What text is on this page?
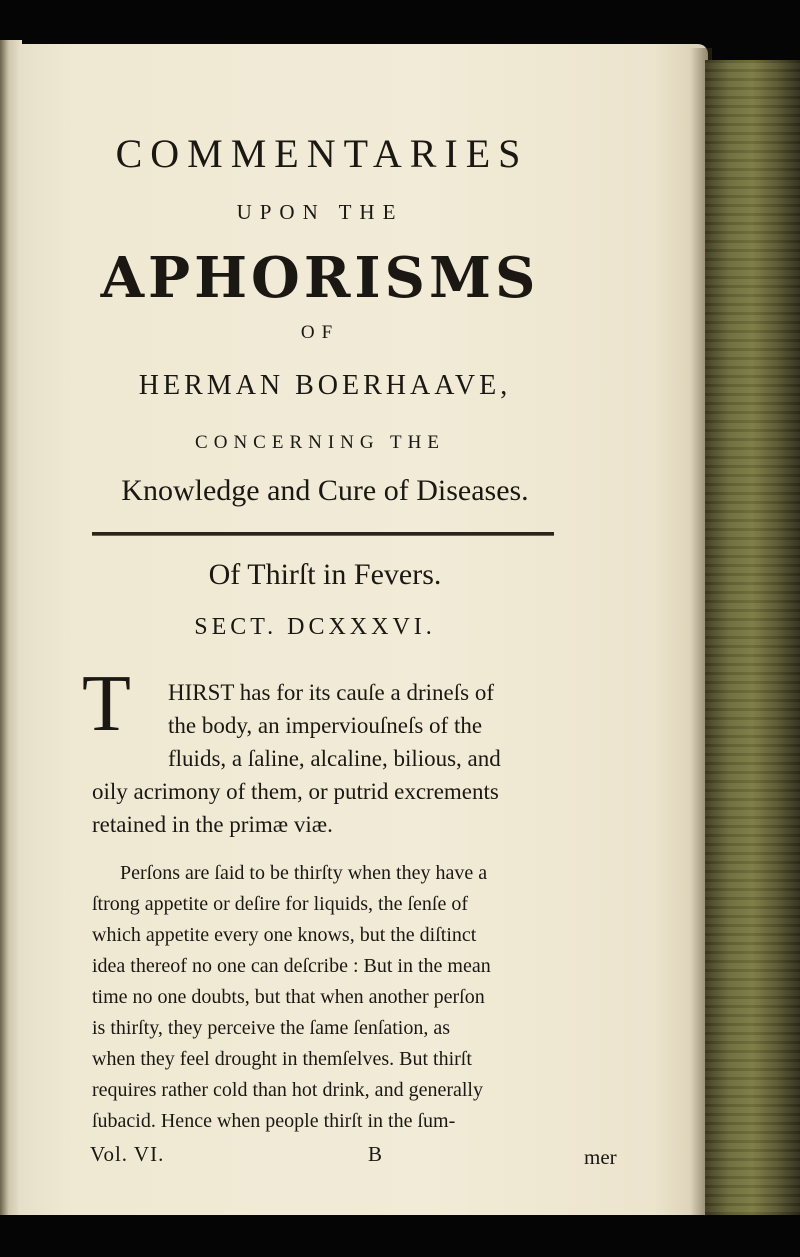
COMMENTARIES

UPON THE

APHORISMS

OF

HERMAN BOERHAAVE,

CONCERNING THE

Knowledge and Cure of Diseases.

Of Thirſt in Fevers.

SECT. DCXXXVI.

T HIRST has for its cauſe a drineſs of

the body, an imperviouſneſs of the

fluids, a ſaline, alcaline, bilious, and

oily acrimony of them, or putrid excrements

retained in the primæ viæ.

Perſons are ſaid to be thirſty when they have a

ſtrong appetite or deſire for liquids, the ſenſe of

which appetite every one knows, but the diſtinct

idea thereof no one can deſcribe : But in the mean

time no one doubts, but that when another perſon

is thirſty, they perceive the ſame ſenſation, as

when they feel drought in themſelves. But thirſt

requires rather cold than hot drink, and generally

ſubacid. Hence when people thirſt in the ſum-

Vol. VI.	B	mer
